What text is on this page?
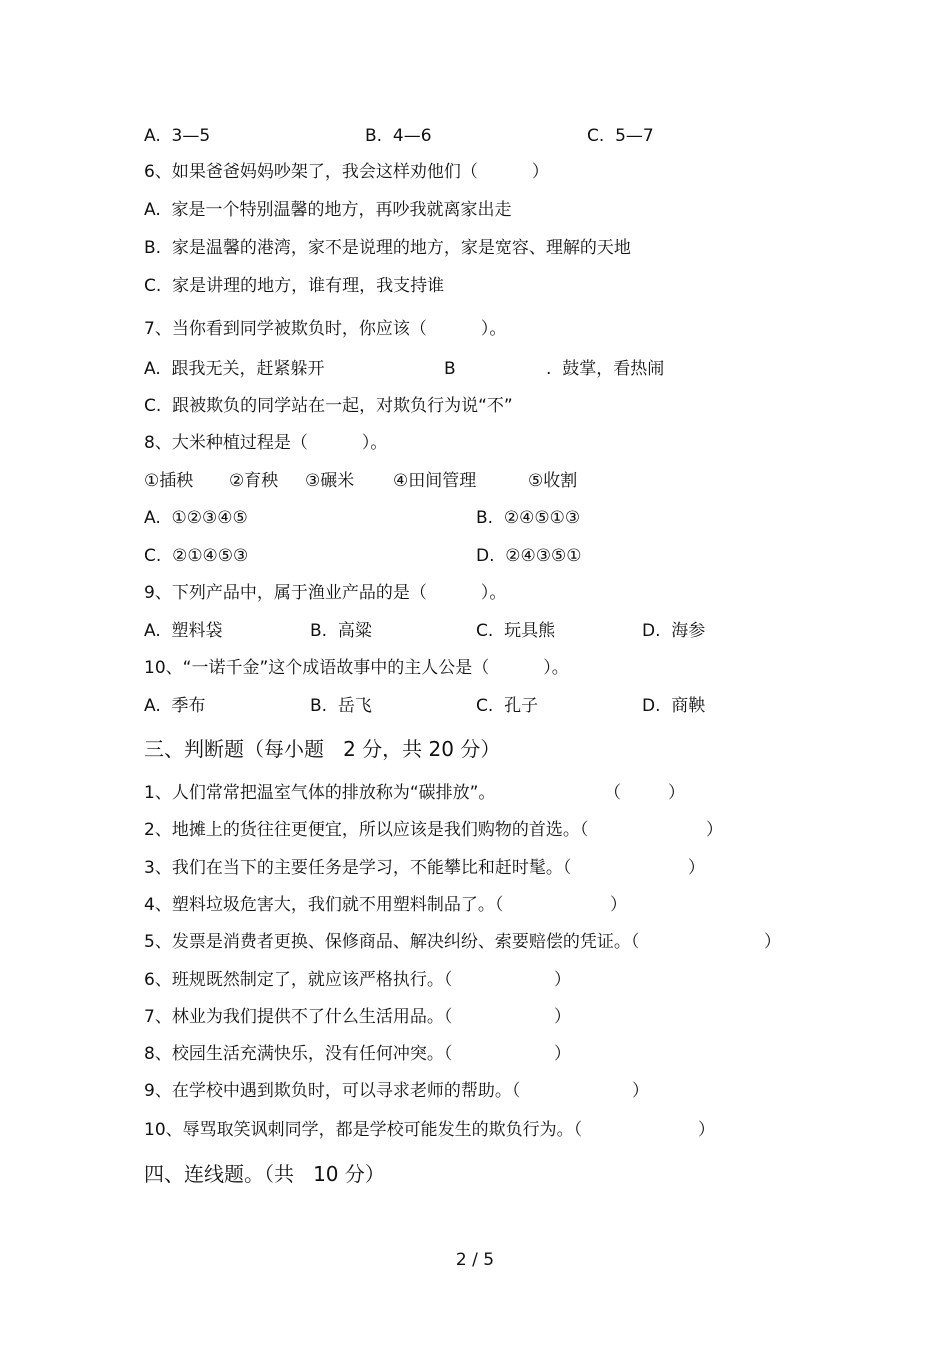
A.  3—5	B.  4—6	C.  5—7
6、如果爸爸妈妈吵架了，我会这样劝他们（          ）
A.  家是一个特别温馨的地方，再吵我就离家出走
B.  家是温馨的港湾，家不是说理的地方，家是宽容、理解的天地
C.  家是讲理的地方，谁有理，我支持谁
7、当你看到同学被欺负时，你应该（          ）。
A.  跟我无关，赶紧躲开	B	.  鼓掌，看热闹
C.  跟被欺负的同学站在一起，对欺负行为说“不”
8、大米种植过程是（          ）。
①插秧 ②育秧 ③碾米 ④田间管理	⑤收割
A.  ①②③④⑤	B.  ②④⑤①③
C.  ②①④⑤③	D.  ②④③⑤①
9、下列产品中，属于渔业产品的是（          ）。
A.  塑料袋	B.  高粱	C.  玩具熊	D.  海参
10、“一诺千金”这个成语故事中的主人公是（          ）。
A.  季布	B.  岳飞	C.  孔子	D.  商鞅
三、判断题（每小题   2 分，共 20 分）
1、人们常常把温室气体的排放称为“碳排放”。	（	）
2、地摊上的货往往更便宜，所以应该是我们购物的首选。（	）
3、我们在当下的主要任务是学习，不能攀比和赶时髦。（	）
4、塑料垃圾危害大，我们就不用塑料制品了。（	）
5、发票是消费者更换、保修商品、解决纠纷、索要赔偿的凭证。（	）
6、班规既然制定了，就应该严格执行。（	）
7、林业为我们提供不了什么生活用品。（	）
8、校园生活充满快乐，没有任何冲突。（	）
9、在学校中遇到欺负时，可以寻求老师的帮助。（	）
10、辱骂取笑讽刺同学，都是学校可能发生的欺负行为。（	）
四、连线题。（共   10 分）
2 / 5
